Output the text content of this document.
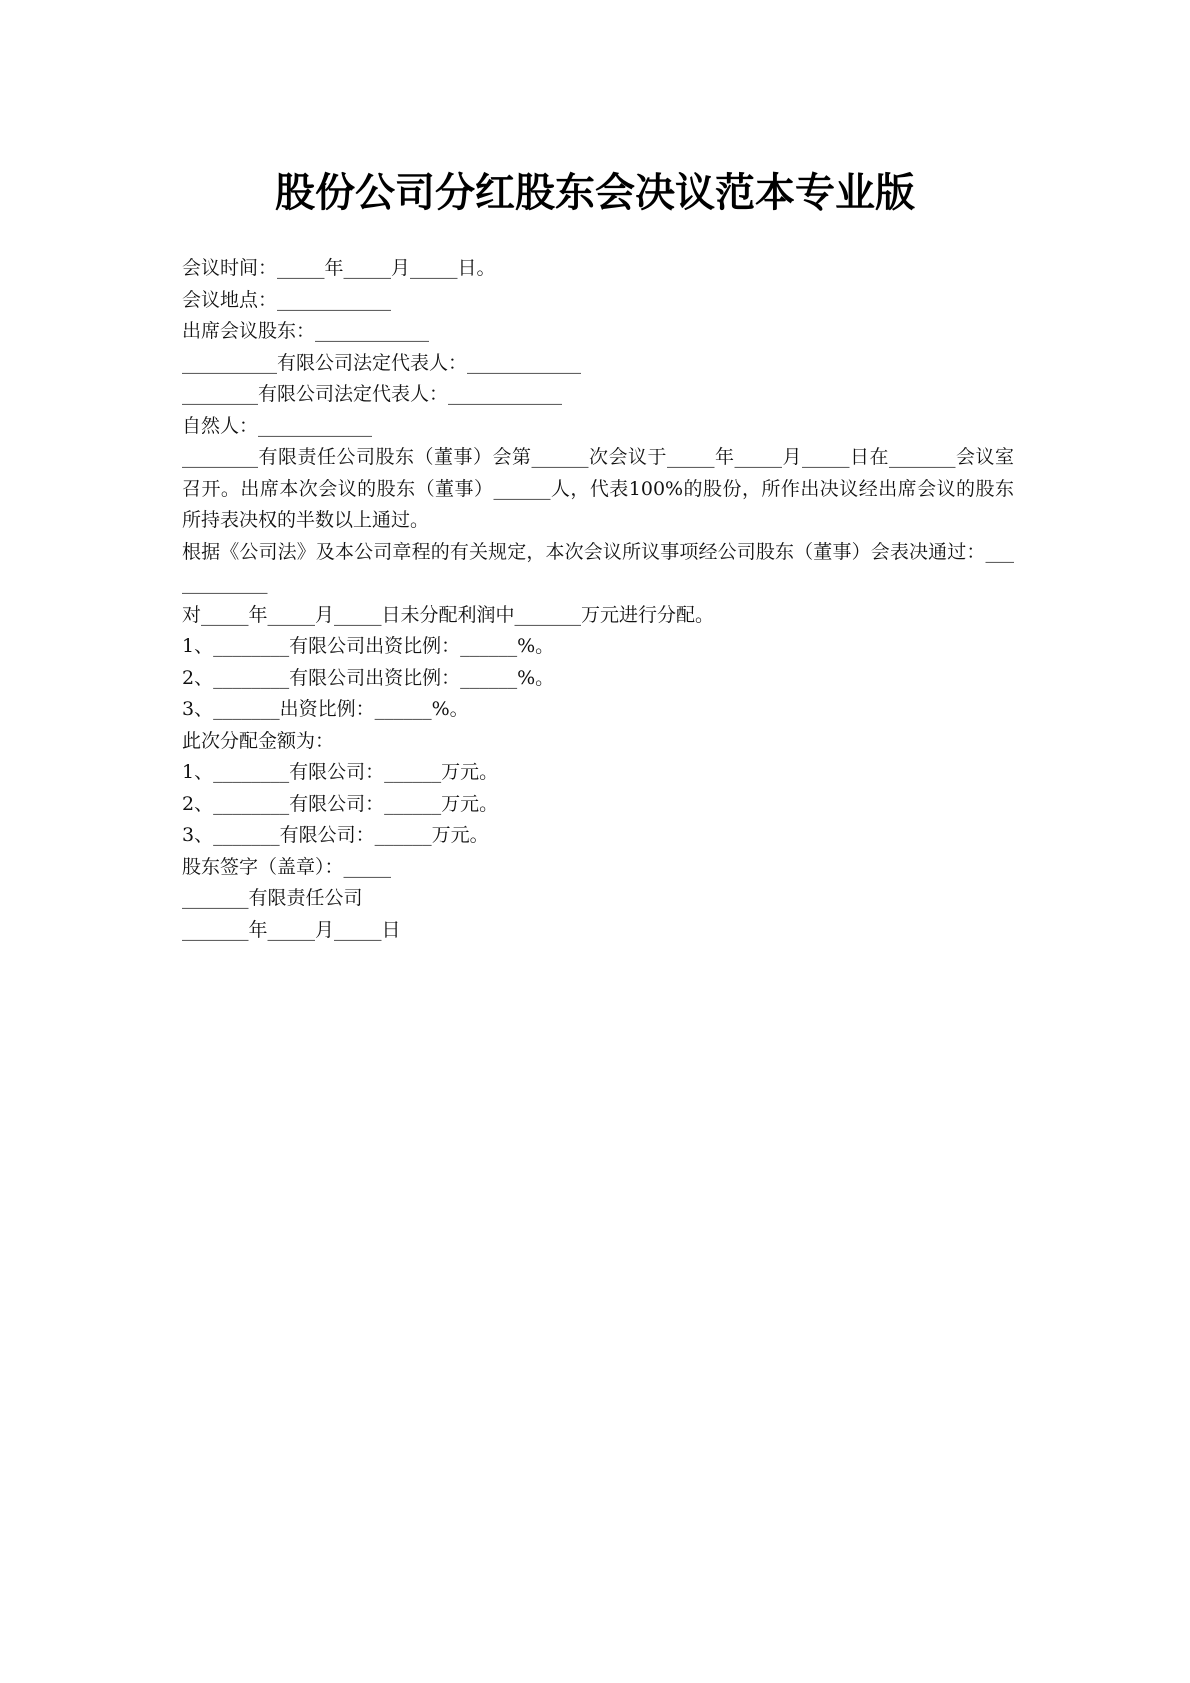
股份公司分红股东会决议范本专业版
会议时间：_____年_____月_____日。
会议地点：____________
出席会议股东：____________
__________有限公司法定代表人：____________
________有限公司法定代表人：____________
自然人：____________
________有限责任公司股东（董事）会第______次会议于_____年_____月_____日在_______会议室召开。出席本次会议的股东（董事）______人，代表100%的股份，所作出决议经出席会议的股东所持表决权的半数以上通过。
根据《公司法》及本公司章程的有关规定，本次会议所议事项经公司股东（董事）会表决通过：____________
对_____年_____月_____日未分配利润中_______万元进行分配。
1、________有限公司出资比例：______%。
2、________有限公司出资比例：______%。
3、_______出资比例：______%。
此次分配金额为：
1、________有限公司：______万元。
2、________有限公司：______万元。
3、_______有限公司：______万元。
股东签字（盖章）：_____
_______有限责任公司
_______年_____月_____日
